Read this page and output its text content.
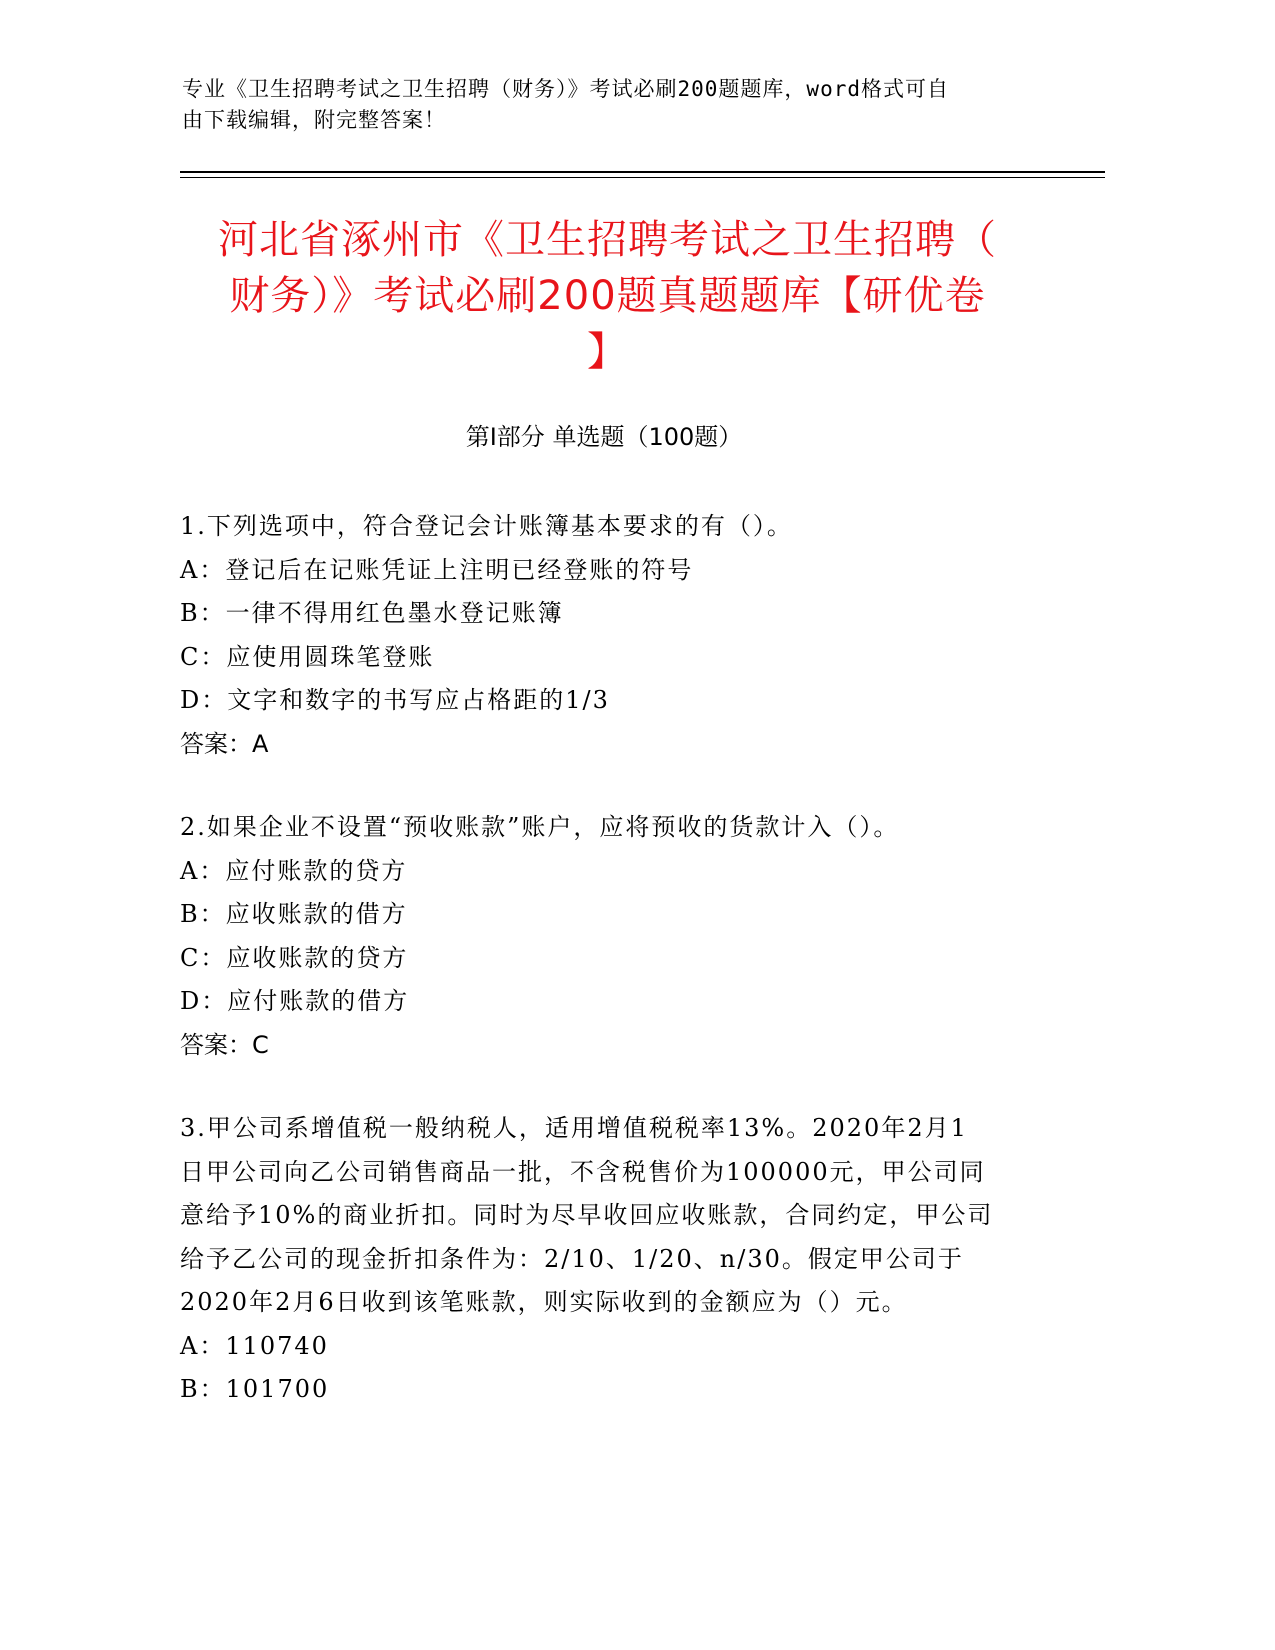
专业《卫生招聘考试之卫生招聘（财务）》考试必刷200题题库，word格式可自
由下载编辑，附完整答案！
河北省涿州市《卫生招聘考试之卫生招聘（
财务）》考试必刷200题真题题库【研优卷
】
第Ⅰ部分 单选题（100题）
1.下列选项中，符合登记会计账簿基本要求的有（）。
A：登记后在记账凭证上注明已经登账的符号
B：一律不得用红色墨水登记账簿
C：应使用圆珠笔登账
D：文字和数字的书写应占格距的1/3
答案：A
2.如果企业不设置“预收账款”账户，应将预收的货款计入（）。
A：应付账款的贷方
B：应收账款的借方
C：应收账款的贷方
D：应付账款的借方
答案：C
3.甲公司系增值税一般纳税人，适用增值税税率13%。2020年2月1
日甲公司向乙公司销售商品一批，不含税售价为100000元，甲公司同
意给予10%的商业折扣。同时为尽早收回应收账款，合同约定，甲公司
给予乙公司的现金折扣条件为：2/10、1/20、n/30。假定甲公司于
2020年2月6日收到该笔账款，则实际收到的金额应为（）元。
A：110740
B：101700
